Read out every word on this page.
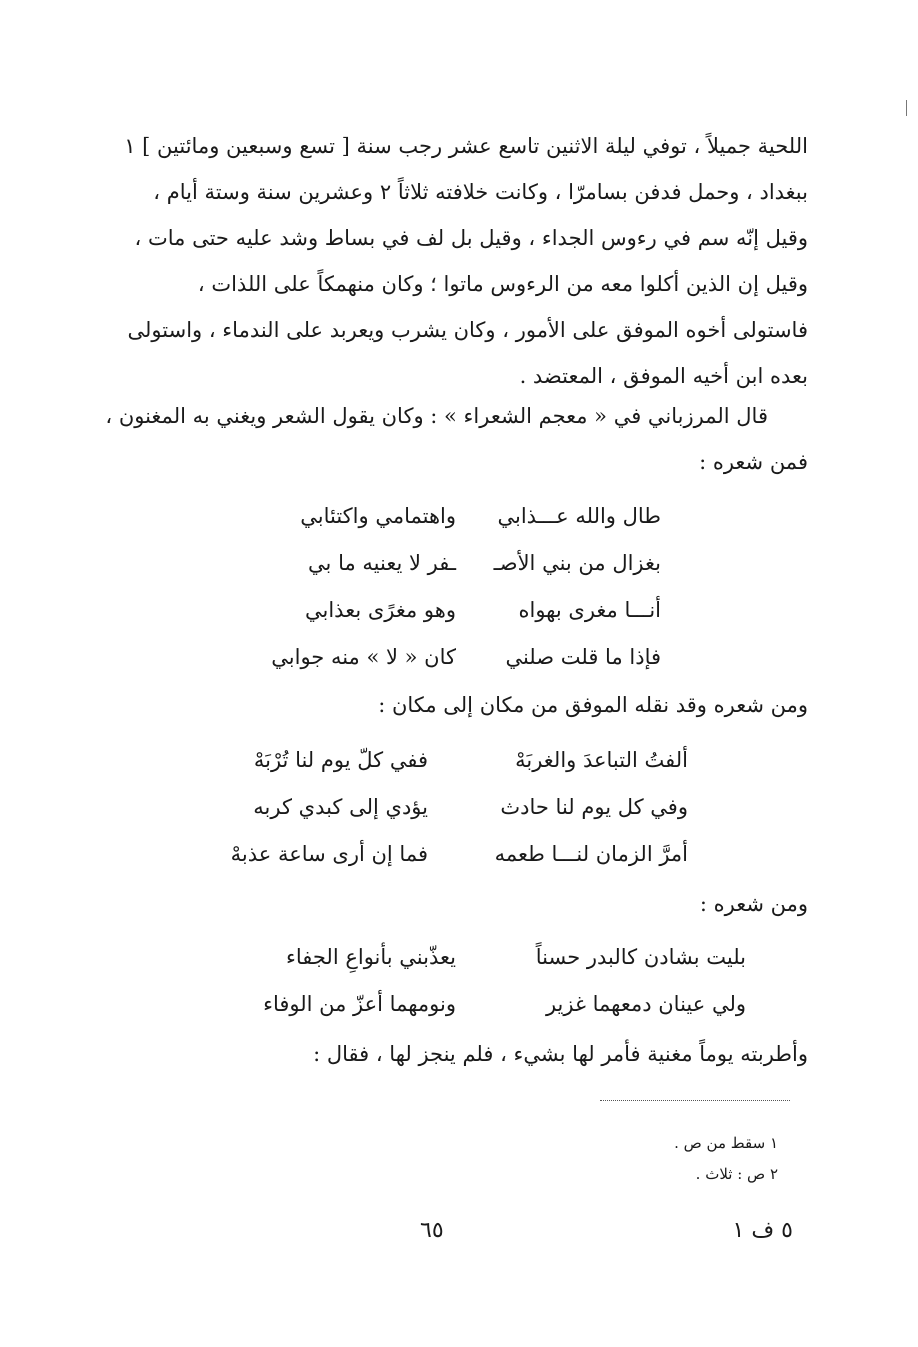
اللحية جميلاً ، توفي ليلة الاثنين تاسع عشر رجب سنة [ تسع وسبعين ومائتين ] ١

ببغداد ، وحمل فدفن بسامرّا ، وكانت خلافته ثلاثاً ٢ وعشرين سنة وستة أيام ،

وقيل إنّه سم في رءوس الجداء ، وقيل بل لف في بساط وشد عليه حتى مات ،

وقيل إن الذين أكلوا معه من الرءوس ماتوا ؛ وكان منهمكاً على اللذات ،

فاستولى أخوه الموفق على الأمور ، وكان يشرب ويعربد على الندماء ، واستولى

بعده ابن أخيه الموفق ، المعتضد .

قال المرزباني في « معجم الشعراء » : وكان يقول الشعر ويغني به المغنون ،

فمن شعره :

طال والله عـــذابي
واهتمامي واكتئابي
بغزال من بني الأصـ
ـفر لا يعنيه ما بي
أنـــا مغرى بهواه
وهو مغرًى بعذابي
فإذا ما قلت صلني
كان « لا » منه جوابي

ومن شعره وقد نقله الموفق من مكان إلى مكان :

ألفتُ التباعدَ والغربَهْ
ففي كلّ يوم لنا تُرْبَهْ
وفي كل يوم لنا حادث
يؤدي إلى كبدي كربه
أمرَّ الزمان لنـــا طعمه
فما إن أرى ساعة عذبهْ

ومن شعره :

بليت بشادن كالبدر حسناً
يعذّبني بأنواعِ الجفاء
ولي عينان دمعهما غزير
ونومهما أعزّ من الوفاء

وأطربته يوماً مغنية فأمر لها بشيء ، فلم ينجز لها ، فقال :

١ سقط من ص .

٢ ص : ثلاث .

٦٥	٥ ف ١
